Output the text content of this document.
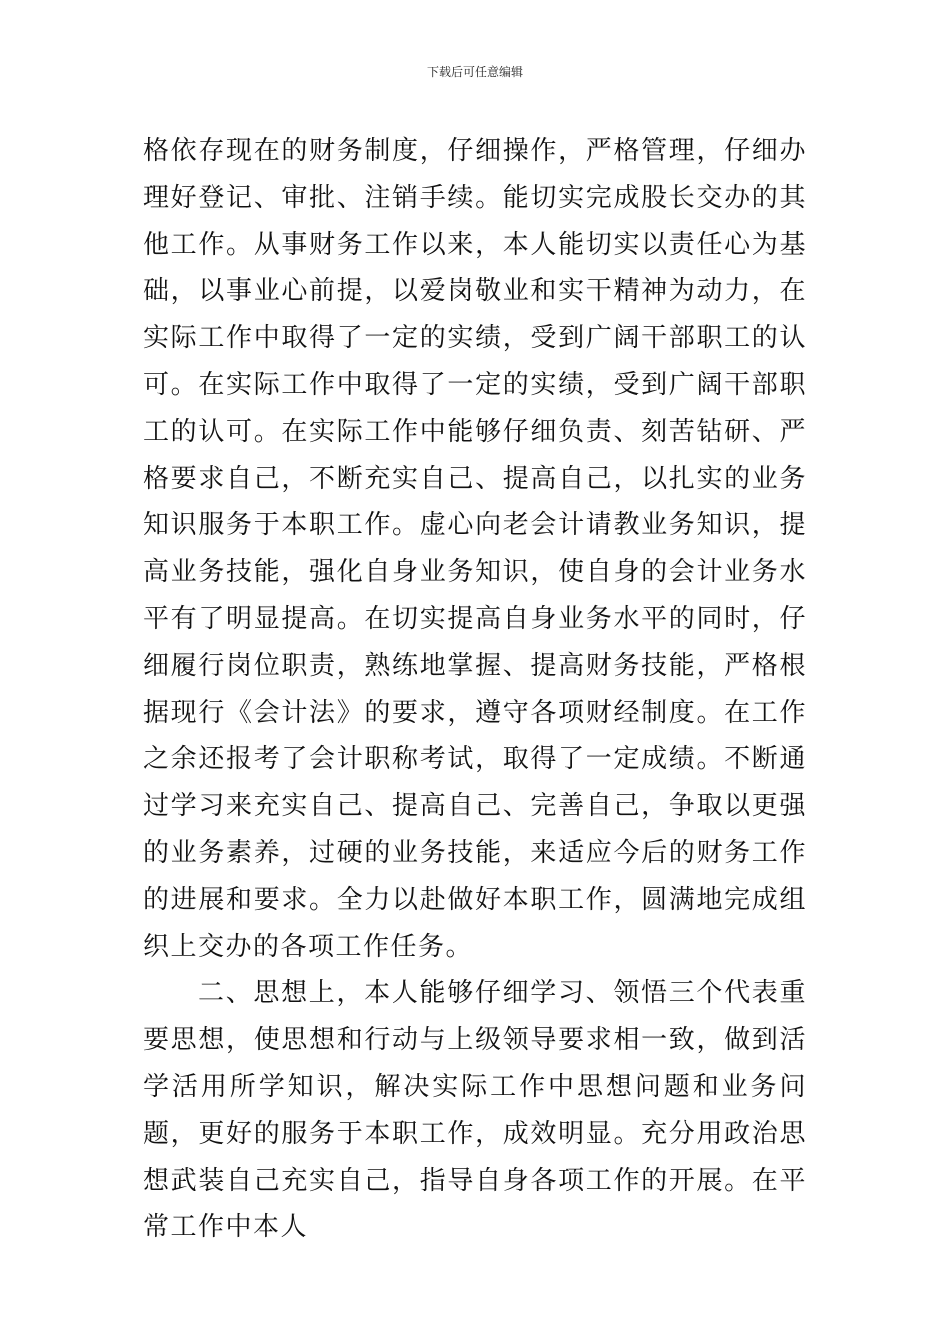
下载后可任意编辑

格依存现在的财务制度，仔细操作，严格管理，仔细办理好登记、审批、注销手续。能切实完成股长交办的其他工作。从事财务工作以来，本人能切实以责任心为基础，以事业心前提，以爱岗敬业和实干精神为动力，在实际工作中取得了一定的实绩，受到广阔干部职工的认可。在实际工作中取得了一定的实绩，受到广阔干部职工的认可。在实际工作中能够仔细负责、刻苦钻研、严格要求自己，不断充实自己、提高自己，以扎实的业务知识服务于本职工作。虚心向老会计请教业务知识，提高业务技能，强化自身业务知识，使自身的会计业务水平有了明显提高。在切实提高自身业务水平的同时，仔细履行岗位职责，熟练地掌握、提高财务技能，严格根据现行《会计法》的要求，遵守各项财经制度。在工作之余还报考了会计职称考试，取得了一定成绩。不断通过学习来充实自己、提高自己、完善自己，争取以更强的业务素养，过硬的业务技能，来适应今后的财务工作的进展和要求。全力以赴做好本职工作，圆满地完成组织上交办的各项工作任务。

二、思想上，本人能够仔细学习、领悟三个代表重要思想，使思想和行动与上级领导要求相一致，做到活学活用所学知识，解决实际工作中思想问题和业务问题，更好的服务于本职工作，成效明显。充分用政治思想武装自己充实自己，指导自身各项工作的开展。在平常工作中本人
